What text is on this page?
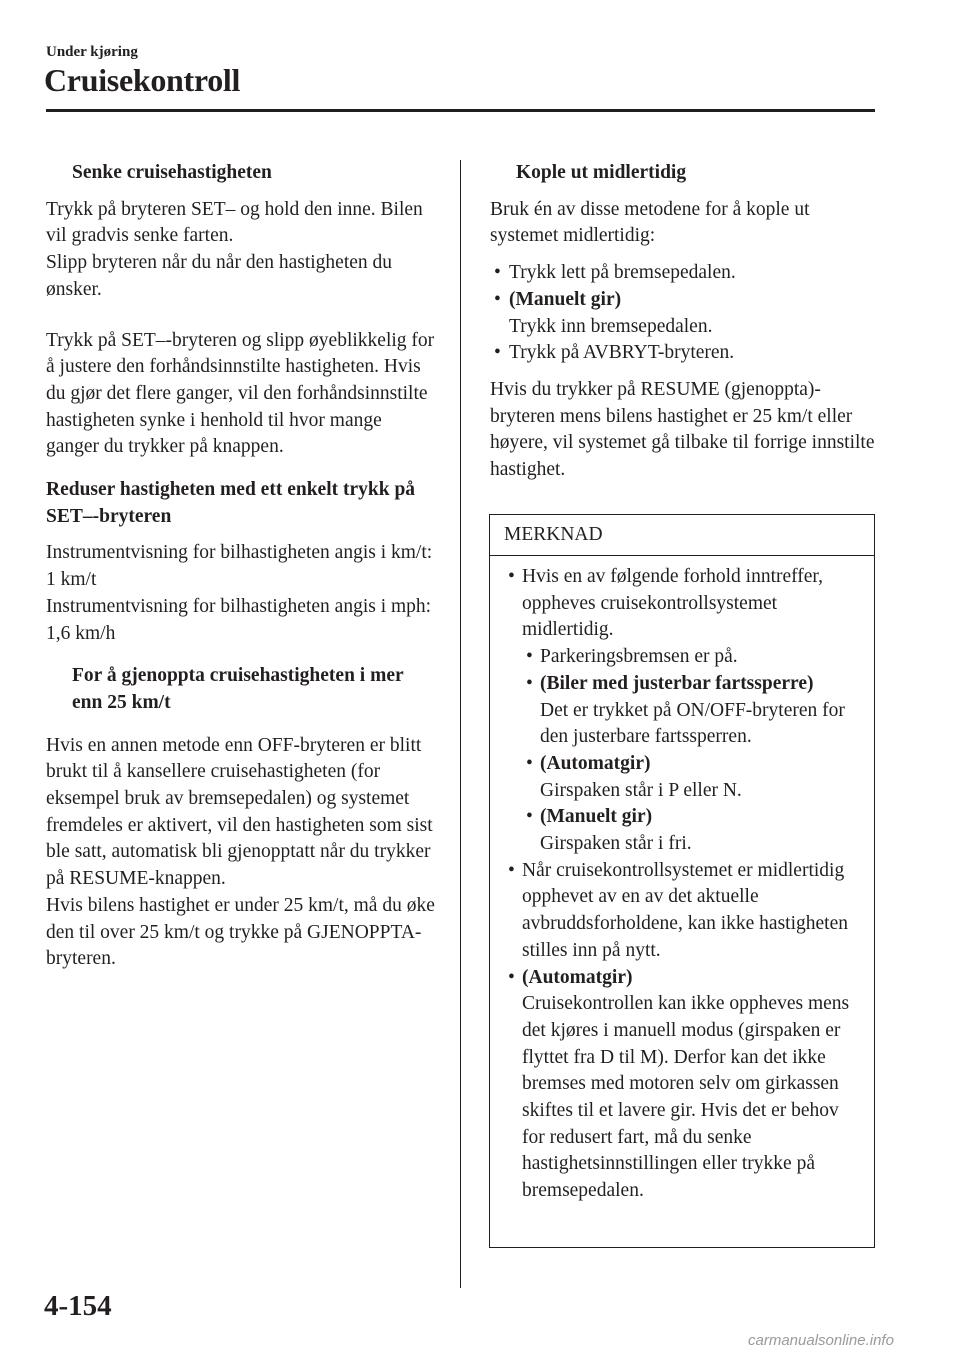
Under kjøring
Cruisekontroll
Senke cruisehastigheten

Trykk på bryteren SET– og hold den inne. Bilen vil gradvis senke farten.

Slipp bryteren når du når den hastigheten du ønsker.

Trykk på SET–-bryteren og slipp øyeblikkelig for å justere den forhåndsinnstilte hastigheten. Hvis du gjør det flere ganger, vil den forhåndsinnstilte hastigheten synke i henhold til hvor mange ganger du trykker på knappen.

Reduser hastigheten med ett enkelt trykk på SET–-bryteren

Instrumentvisning for bilhastigheten angis i km/t: 1 km/t

Instrumentvisning for bilhastigheten angis i mph: 1,6 km/h

For å gjenoppta cruisehastigheten i mer enn 25 km/t

Hvis en annen metode enn OFF-bryteren er blitt brukt til å kansellere cruisehastigheten (for eksempel bruk av bremsepedalen) og systemet fremdeles er aktivert, vil den hastigheten som sist ble satt, automatisk bli gjenopptatt når du trykker på RESUME-knappen.

Hvis bilens hastighet er under 25 km/t, må du øke den til over 25 km/t og trykke på GJENOPPTA-bryteren.

Kople ut midlertidig

Bruk én av disse metodene for å kople ut systemet midlertidig:

• Trykk lett på bremsepedalen.
• (Manuelt gir)
Trykk inn bremsepedalen.
• Trykk på AVBRYT-bryteren.

Hvis du trykker på RESUME (gjenoppta)-bryteren mens bilens hastighet er 25 km/t eller høyere, vil systemet gå tilbake til forrige innstilte hastighet.

MERKNAD
• Hvis en av følgende forhold inntreffer, oppheves cruisekontrollsystemet midlertidig.
• Parkeringsbremsen er på.
• (Biler med justerbar fartssperre)
Det er trykket på ON/OFF-bryteren for den justerbare fartssperren.
• (Automatgir)
Girspaken står i P eller N.
• (Manuelt gir)
Girspaken står i fri.
• Når cruisekontrollsystemet er midlertidig opphevet av en av det aktuelle avbruddsforholdene, kan ikke hastigheten stilles inn på nytt.
• (Automatgir)
Cruisekontrollen kan ikke oppheves mens det kjøres i manuell modus (girspaken er flyttet fra D til M). Derfor kan det ikke bremses med motoren selv om girkassen skiftes til et lavere gir. Hvis det er behov for redusert fart, må du senke hastighetsinnstillingen eller trykke på bremsepedalen.
4-154
carmanualsonline.info
